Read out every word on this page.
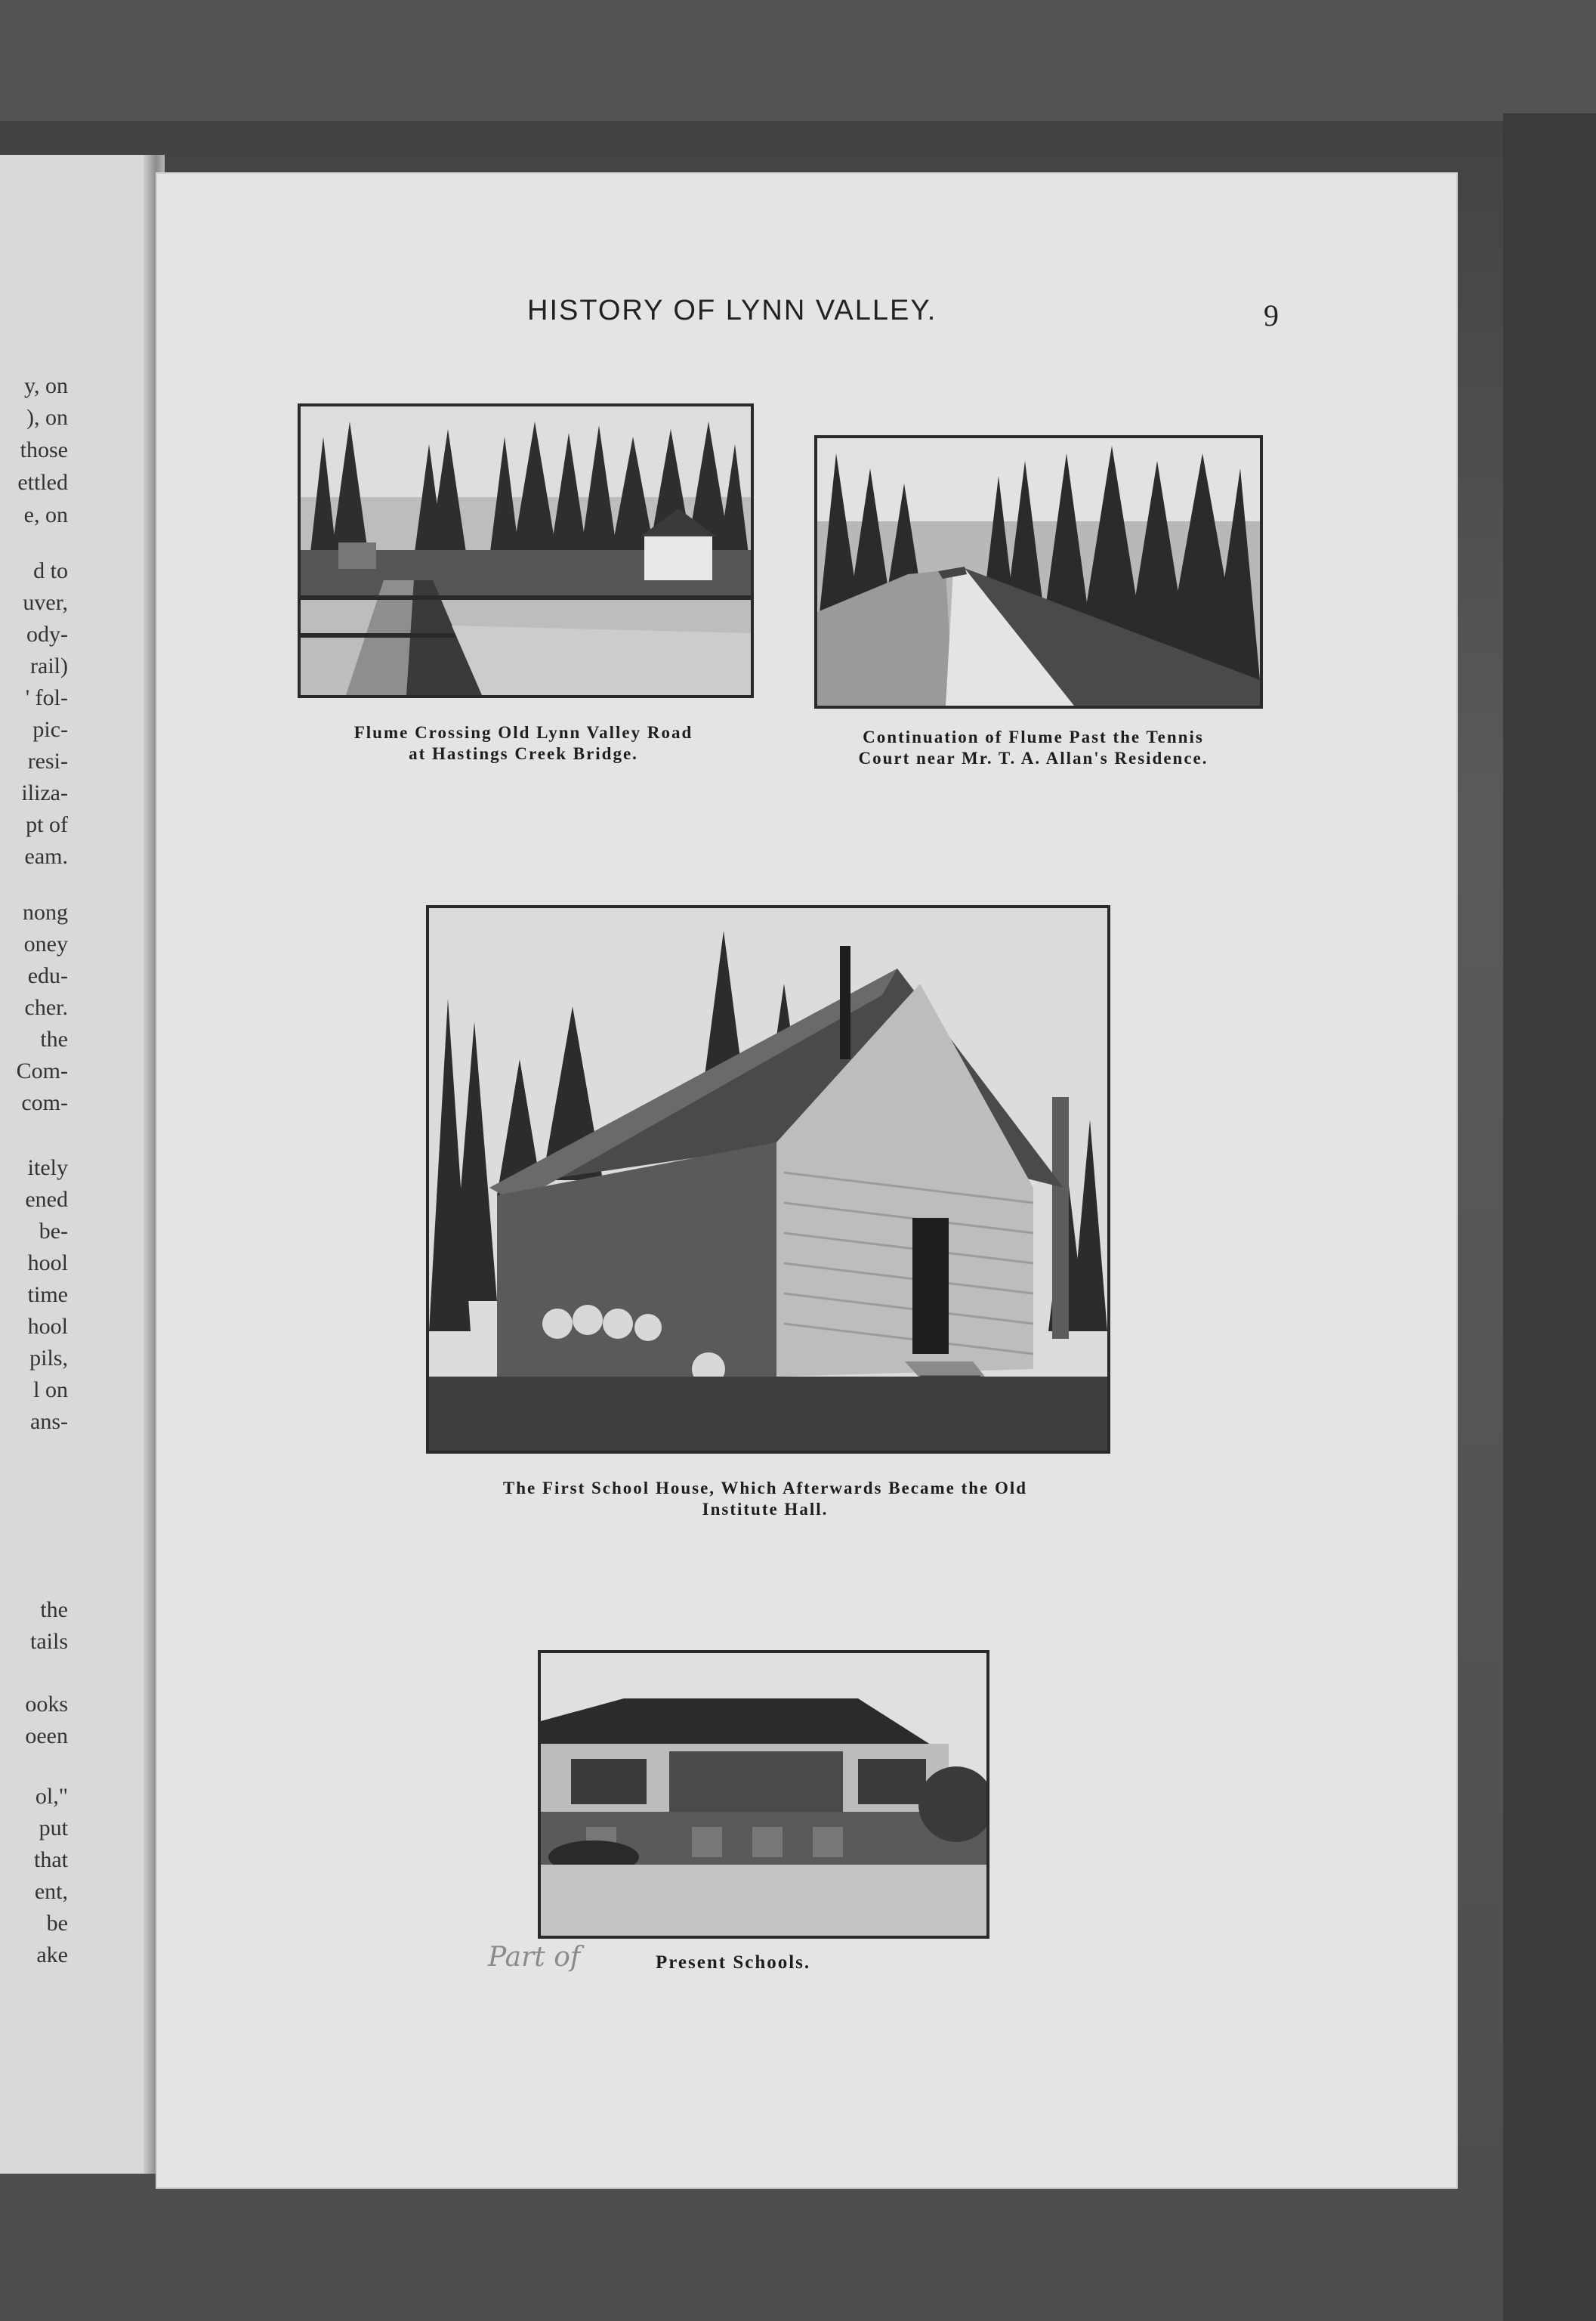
y, on
), on
those
ettled
e, on
d to
uver,
ody-
rail)
' fol-
pic-
resi-
iliza-
pt of
eam.
nong
oney
edu-
cher.
the
Com-
com-
itely
ened
be-
hool
time
hool
pils,
l on
ans-
the
tails
ooks
oeen
ol,"
put
that
ent,
be
ake
HISTORY OF LYNN VALLEY.	9
Flume Crossing Old Lynn Valley Road
at Hastings Creek Bridge.
Continuation of Flume Past the Tennis
Court near Mr. T. A. Allan's Residence.
The First School House, Which Afterwards Became the Old
Institute Hall.
Part of	Present Schools.
